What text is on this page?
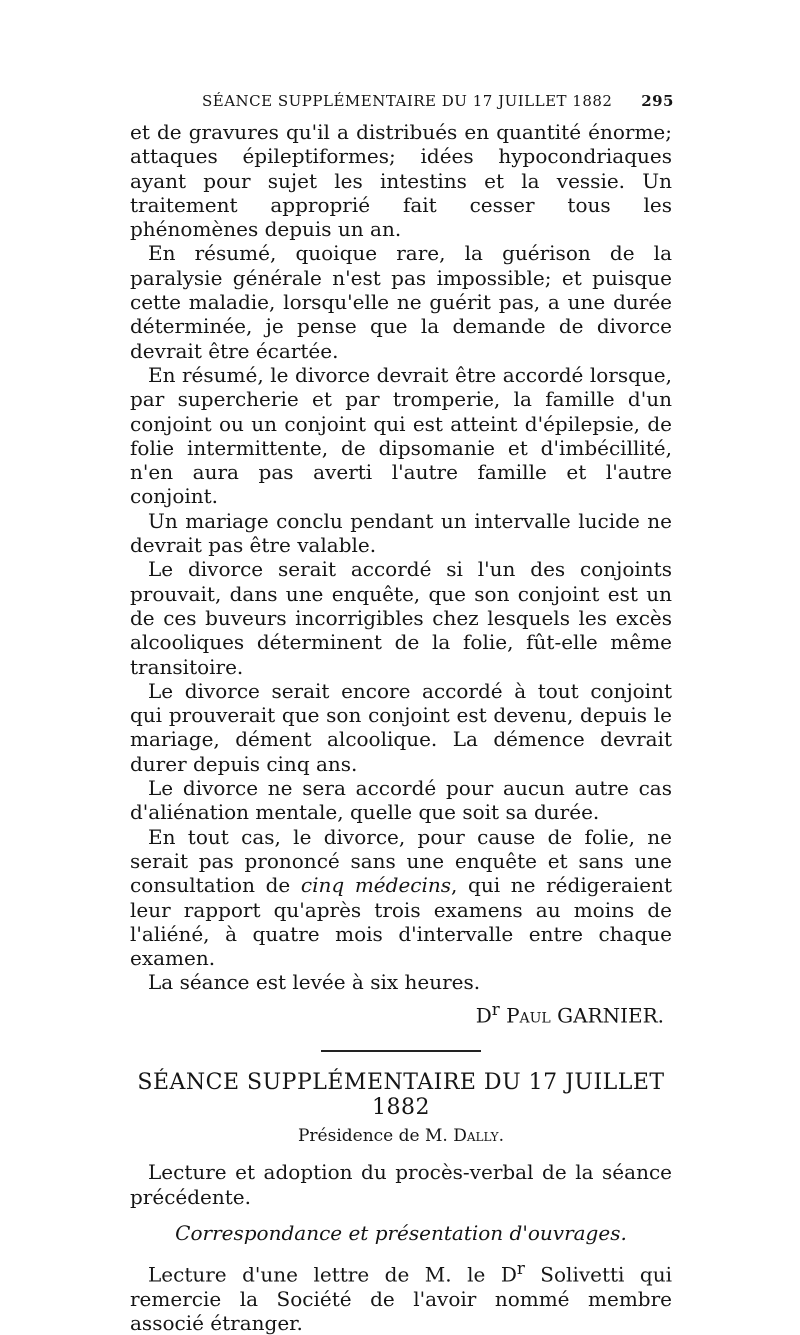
SÉANCE SUPPLÉMENTAIRE DU 17 JUILLET 1882 295

et de gravures qu'il a distribués en quantité énorme; attaques épileptiformes; idées hypocondriaques ayant pour sujet les intestins et la vessie. Un traitement approprié fait cesser tous les phénomènes depuis un an.

En résumé, quoique rare, la guérison de la paralysie générale n'est pas impossible; et puisque cette maladie, lorsqu'elle ne guérit pas, a une durée déterminée, je pense que la demande de divorce devrait être écartée.

En résumé, le divorce devrait être accordé lorsque, par supercherie et par tromperie, la famille d'un conjoint ou un conjoint qui est atteint d'épilepsie, de folie intermittente, de dipsomanie et d'imbécillité, n'en aura pas averti l'autre famille et l'autre conjoint.

Un mariage conclu pendant un intervalle lucide ne devrait pas être valable.

Le divorce serait accordé si l'un des conjoints prouvait, dans une enquête, que son conjoint est un de ces buveurs incorrigibles chez lesquels les excès alcooliques déterminent de la folie, fût-elle même transitoire.

Le divorce serait encore accordé à tout conjoint qui prouverait que son conjoint est devenu, depuis le mariage, dément alcoolique. La démence devrait durer depuis cinq ans.

Le divorce ne sera accordé pour aucun autre cas d'aliénation mentale, quelle que soit sa durée.

En tout cas, le divorce, pour cause de folie, ne serait pas prononcé sans une enquête et sans une consultation de cinq médecins, qui ne rédigeraient leur rapport qu'après trois examens au moins de l'aliéné, à quatre mois d'intervalle entre chaque examen.

La séance est levée à six heures.

$D^r$ Paul GARNIER.
SÉANCE SUPPLÉMENTAIRE DU 17 JUILLET 1882
Présidence de M. Dally.

Lecture et adoption du procès-verbal de la séance précédente.

Correspondance et présentation d'ouvrages.

Lecture d'une lettre de M. le $D^r$ Solivetti qui remercie la Société de l'avoir nommé membre associé étranger.
